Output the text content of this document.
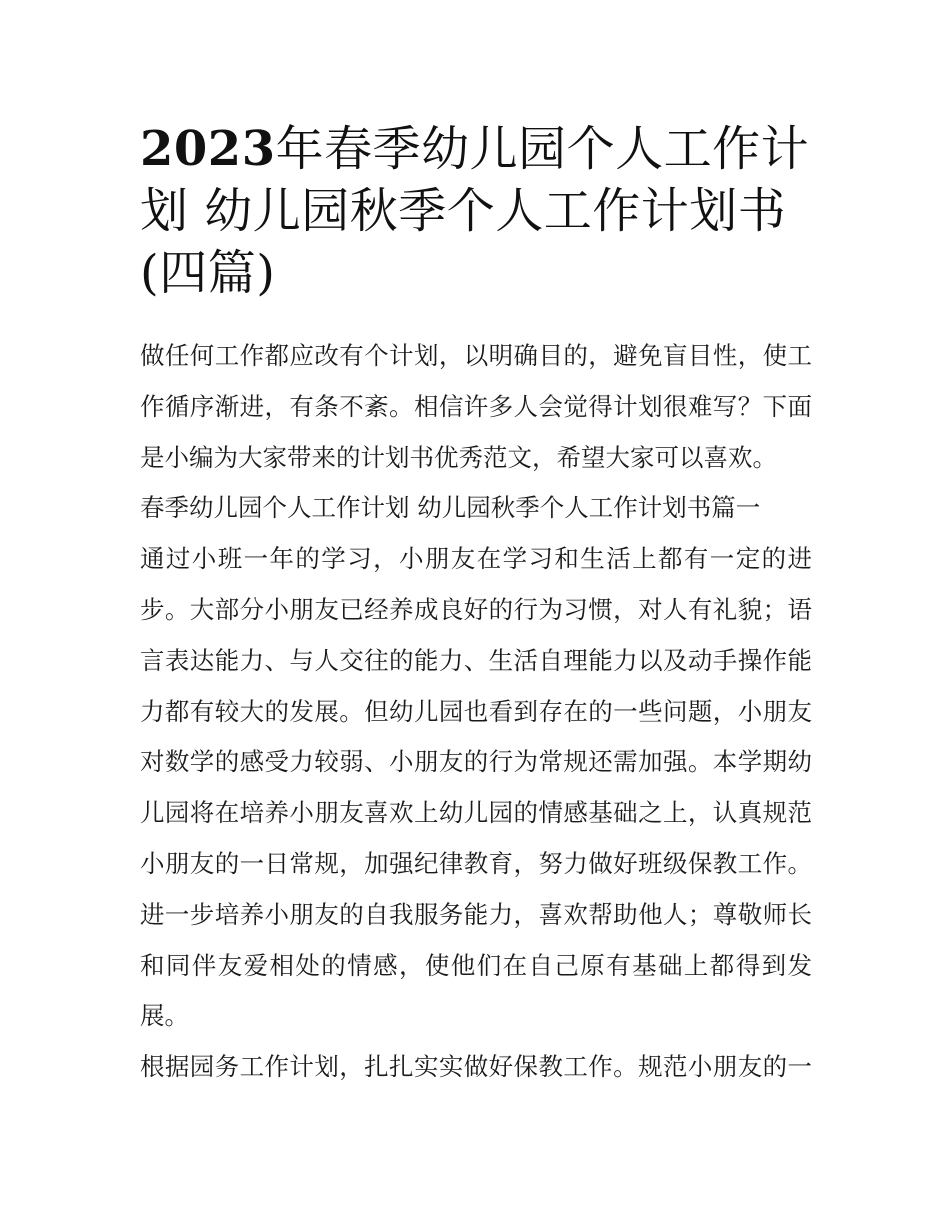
2023年春季幼儿园个人工作计
划 幼儿园秋季个人工作计划书
(四篇)
做任何工作都应改有个计划，以明确目的，避免盲目性，使工
作循序渐进，有条不紊。相信许多人会觉得计划很难写？下面
是小编为大家带来的计划书优秀范文，希望大家可以喜欢。
春季幼儿园个人工作计划 幼儿园秋季个人工作计划书篇一
通过小班一年的学习，小朋友在学习和生活上都有一定的进
步。大部分小朋友已经养成良好的行为习惯，对人有礼貌；语
言表达能力、与人交往的能力、生活自理能力以及动手操作能
力都有较大的发展。但幼儿园也看到存在的一些问题，小朋友
对数学的感受力较弱、小朋友的行为常规还需加强。本学期幼
儿园将在培养小朋友喜欢上幼儿园的情感基础之上，认真规范
小朋友的一日常规，加强纪律教育，努力做好班级保教工作。
进一步培养小朋友的自我服务能力，喜欢帮助他人；尊敬师长
和同伴友爱相处的情感，使他们在自己原有基础上都得到发
展。
根据园务工作计划，扎扎实实做好保教工作。规范小朋友的一
